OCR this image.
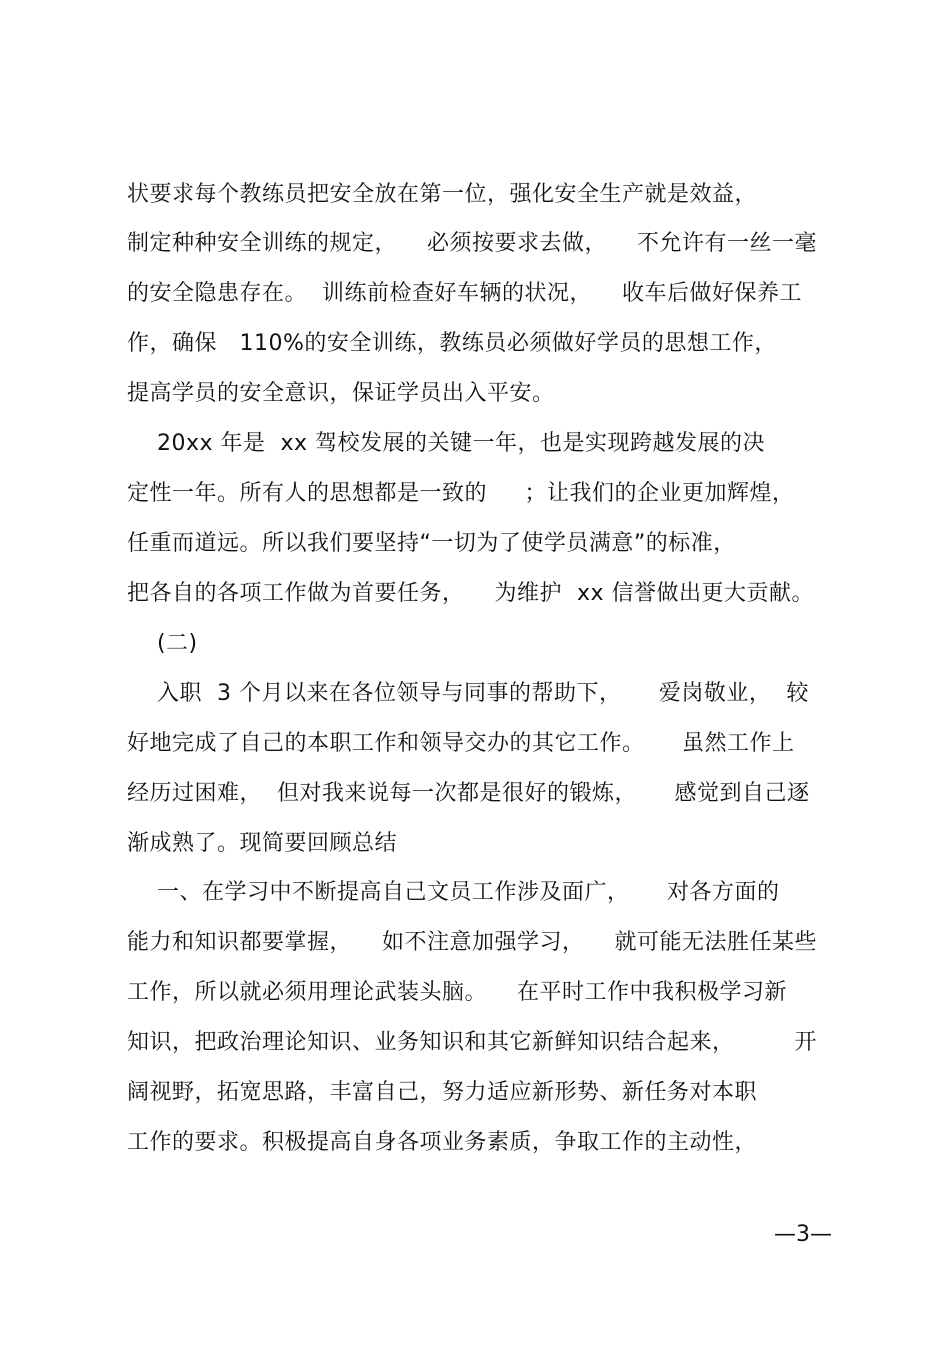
状要求每个教练员把安全放在第一位，强化安全生产就是效益，
制定种种安全训练的规定，    必须按要求去做，    不允许有一丝一毫
的安全隐患存在。  训练前检查好车辆的状况，    收车后做好保养工
作，确保   110%的安全训练，教练员必须做好学员的思想工作，
提高学员的安全意识，保证学员出入平安。
20xx 年是  xx 驾校发展的关键一年，也是实现跨越发展的决
定性一年。所有人的思想都是一致的     ；让我们的企业更加辉煌，
任重而道远。所以我们要坚持“一切为了使学员满意”的标准，
把各自的各项工作做为首要任务，    为维护  xx 信誉做出更大贡献。
(二)
入职  3 个月以来在各位领导与同事的帮助下，     爱岗敬业，  较
好地完成了自己的本职工作和领导交办的其它工作。     虽然工作上
经历过困难，  但对我来说每一次都是很好的锻炼，     感觉到自己逐
渐成熟了。现简要回顾总结
一、在学习中不断提高自己文员工作涉及面广，     对各方面的
能力和知识都要掌握，    如不注意加强学习，    就可能无法胜任某些
工作，所以就必须用理论武装头脑。    在平时工作中我积极学习新
知识，把政治理论知识、业务知识和其它新鲜知识结合起来，        开
阔视野，拓宽思路，丰富自己，努力适应新形势、新任务对本职
工作的要求。积极提高自身各项业务素质，争取工作的主动性，
—3—
